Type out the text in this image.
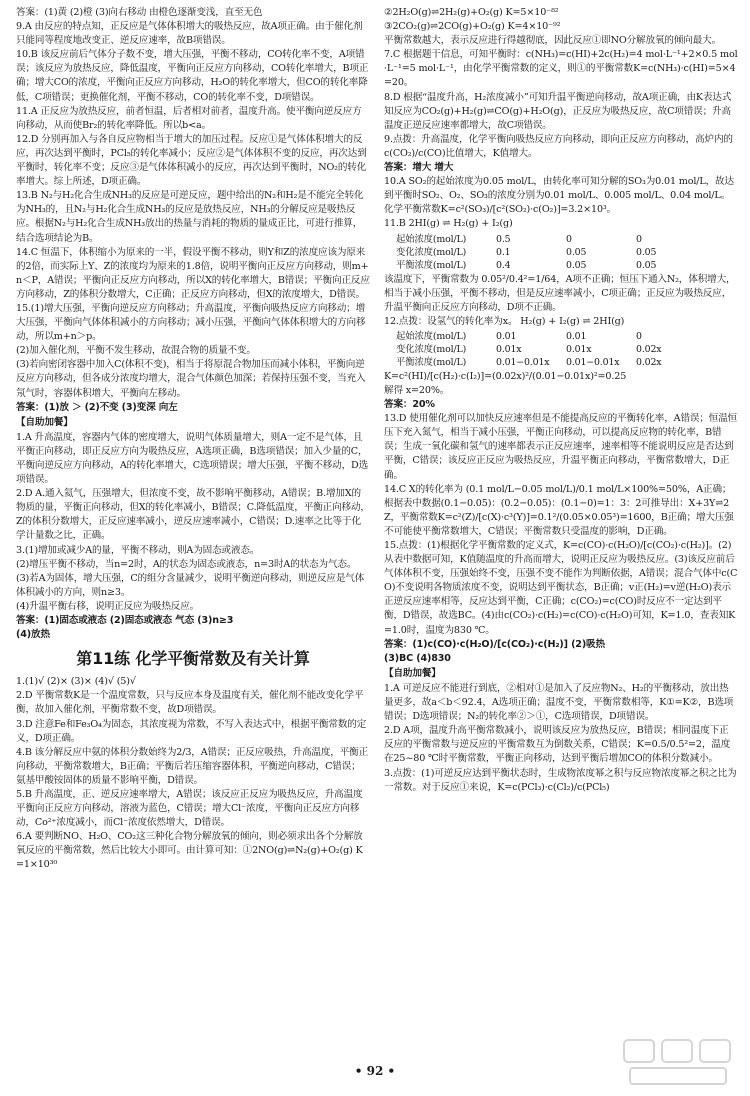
答案：(1)黄 (2)橙 (3)向右移动 由橙色逐渐变浅，直至无色

9.A 由反应的特点知，正反应是气体体积增大的吸热反应，故A项正确。由于催化剂只能同等程度地改变正、逆反应速率，故B项错误。

10.B 该反应前后气体分子数不变，增大压强，平衡不移动，CO转化率不变，A项错误；该反应为放热反应，降低温度，平衡向正反应方向移动，CO转化率增大，B项正确；增大CO的浓度，平衡向正反应方向移动，H₂O的转化率增大，但CO的转化率降低，C项错误；更换催化剂，平衡不移动，CO的转化率不变，D项错误。

11.A 正反应为放热反应，前者恒温，后者相对前者，温度升高。使平衡向逆反应方向移动，从而使Br₂的转化率降低。所以b<a。

12.D 分别再加入与各自反应物相当于增大的加压过程。反应①是气体体积增大的反应，再次达到平衡时，PCl₅的转化率减小；反应②是气体体积不变的反应，再次达到平衡时，转化率不变；反应③是气体体积减小的反应，再次达到平衡时，NO₂的转化率增大。综上所述，D项正确。

13.B N₂与H₂化合生成NH₃的反应是可逆反应，题中给出的N₂和H₂是不能完全转化为NH₃的，且N₂与H₂化合生成NH₃的反应是放热反应，NH₃的分解反应是吸热反应。根据N₂与H₂化合生成NH₃放出的热量与消耗的物质的量成正比，可进行推算，结合选项结论为B。

14.C 恒温下，体积缩小为原来的一半，假设平衡不移动，则Y和Z的浓度应该为原来的2倍，而实际上Y、Z的浓度均为原来的1.8倍，说明平衡向正反应方向移动，则m+n＜P，A错误；平衡向正反应方向移动，所以X的转化率增大，B错误；平衡向正反应方向移动，Z的体积分数增大，C正确；正反应方向移动，但X的浓度增大，D错误。

15.(1)增大压强，平衡向逆反应方向移动；升高温度，平衡向吸热反应方向移动；增大压强，平衡向气体体积减小的方向移动；减小压强，平衡向气体体积增大的方向移动，所以m+n＞p。

(2)加入催化剂，平衡不发生移动，故混合物的质量不变。

(3)若向密闭容器中加入C(体积不变)，相当于将原混合物加压而减小体积，平衡向逆反应方向移动，但各成分浓度均增大，混合气体颜色加深；若保持压强不变，当充入氖气时，容器体积增大，平衡向左移动。

答案：(1)放 ＞ (2)不变 (3)变深 向左

【自助加餐】

1.A 升高温度，容器内气体的密度增大，说明气体质量增大，则A一定不是气体，且平衡正向移动，即正反应方向为吸热反应，A选项正确，B选项错误；加入少量的C，平衡向逆反应方向移动，A的转化率增大，C选项错误；增大压强，平衡不移动，D选项错误。

2.D A.通入氦气，压强增大，但浓度不变，故不影响平衡移动，A错误；B.增加X的物质的量，平衡正向移动，但X的转化率减小，B错误；C.降低温度，平衡正向移动，Z的体积分数增大，正反应速率减小，逆反应速率减小，C错误；D.速率之比等于化学计量数之比，正确。

3.(1)增加或减少A的量，平衡不移动，则A为固态或液态。

(2)增压平衡不移动，当n=2时，A的状态为固态或液态，n=3时A的状态为气态。

(3)若A为固体，增大压强，C的组分含量减少，说明平衡逆向移动，则逆反应是气体体积减小的方向，则n≥3。

(4)升温平衡右移，说明正反应为吸热反应。

答案：(1)固态或液态 (2)固态或液态 气态 (3)n≥3

(4)放热

第11练 化学平衡常数及有关计算

1.(1)√ (2)× (3)× (4)√ (5)√

2.D 平衡常数K是一个温度常数，只与反应本身及温度有关，催化剂不能改变化学平衡，故加入催化剂，平衡常数不变，故D项错误。

3.D 注意Fe和Fe₃O₄为固态，其浓度视为常数，不写入表达式中，根据平衡常数的定义，D项正确。

4.B 该分解反应中氨的体积分数始终为2/3，A错误；正反应吸热，升高温度，平衡正向移动，平衡常数增大，B正确；平衡后若压缩容器体积，平衡逆向移动，C错误；氨基甲酸铵固体的质量不影响平衡，D错误。

5.B 升高温度，正、逆反应速率增大，A错误；该反应正反应为吸热反应，升高温度平衡向正反应方向移动，溶液为蓝色，C错误；增大Cl⁻浓度，平衡向正反应方向移动，Co²⁺浓度减小，而Cl⁻浓度依然增大，D错误。

6.A 要判断NO、H₂O、CO₂这三种化合物分解放氧的倾向，则必须求出各个分解放氧反应的平衡常数，然后比较大小即可。由计算可知：①2NO(g)⇌N₂(g)+O₂(g) K=1×10³⁰

②2H₂O(g)⇌2H₂(g)+O₂(g) K=5×10⁻⁸²

③2CO₂(g)⇌2CO(g)+O₂(g) K=4×10⁻⁹²

平衡常数越大，表示反应进行得越彻底，因此反应①即NO分解放氧的倾向最大。

7.C 根据题干信息，可知平衡时：c(NH₃)=c(HI)+2c(H₂)=4 mol·L⁻¹+2×0.5 mol·L⁻¹=5 mol·L⁻¹，由化学平衡常数的定义，则①的平衡常数K=c(NH₃)·c(HI)=5×4=20。

8.D 根据“温度升高，H₂浓度减小”可知升温平衡逆向移动，故A项正确，由K表达式知反应为CO₂(g)+H₂(g)⇌CO(g)+H₂O(g)，正反应为吸热反应，故C项错误；升高温度正逆反应速率都增大，故C项错误。

9.点拨：升高温度，化学平衡向吸热反应方向移动，即向正反应方向移动，高炉内的c(CO₂)/c(CO)比值增大，K值增大。

答案：增大 增大

10.A SO₂的起始浓度为0.05 mol/L，由转化率可知分解的SO₃为0.01 mol/L，故达到平衡时SO₂、O₂、SO₃的浓度分别为0.01 mol/L、0.005 mol/L、0.04 mol/L。化学平衡常数K=c²(SO₃)/[c²(SO₂)·c(O₂)]=3.2×10³。

11.B 2HI(g) ⇌ H₂(g) + I₂(g)

起始浓度(mol/L)	0.5	0	0
变化浓度(mol/L)	0.1	0.05	0.05
平衡浓度(mol/L)	0.4	0.05	0.05

该温度下，平衡常数为 0.05²/0.4²=1/64，A项不正确；恒压下通入N₂，体积增大，相当于减小压强，平衡不移动，但是反应速率减小，C项正确；正反应为吸热反应，升温平衡向正反应方向移动，D项不正确。

12.点拨：设氢气的转化率为x。 H₂(g) + I₂(g) ⇌ 2HI(g)

起始浓度(mol/L)	0.01	0.01	0
变化浓度(mol/L)	0.01x	0.01x	0.02x
平衡浓度(mol/L)	0.01−0.01x	0.01−0.01x	0.02x

K=c²(HI)/[c(H₂)·c(I₂)]=(0.02x)²/(0.01−0.01x)²=0.25

解得 x=20%。

答案：20%

13.D 使用催化剂可以加快反应速率但是不能提高反应的平衡转化率，A错误；恒温恒压下充入氮气，相当于减小压强，平衡正向移动，可以提高反应物的转化率，B错误；生成一氧化碳和氢气的速率都表示正反应速率，速率相等不能说明反应是否达到平衡，C错误；该反应正反应为吸热反应，升温平衡正向移动，平衡常数增大，D正确。

14.C X的转化率为 (0.1 mol/L−0.05 mol/L)/0.1 mol/L×100%=50%，A正确；根据表中数据(0.1−0.05)：(0.2−0.05)：(0.1−0)=1：3：2可推导出：X+3Y⇌2Z，平衡常数K=c²(Z)/[c(X)·c³(Y)]=0.1²/(0.05×0.05³)=1600，B正确；增大压强不可能使平衡常数增大，C错误；平衡常数只受温度的影响，D正确。

15.点拨：(1)根据化学平衡常数的定义式，K=c(CO)·c(H₂O)/[c(CO₂)·c(H₂)]。(2)从表中数据可知，K值随温度的升高而增大，说明正反应为吸热反应。(3)该反应前后气体体积不变，压强始终不变，压强不变不能作为判断依据，A错误；混合气体中c(CO)不变说明各物质浓度不变，说明达到平衡状态，B正确；v正(H₂)=v逆(H₂O)表示正逆反应速率相等，反应达到平衡，C正确；c(CO₂)=c(CO)时反应不一定达到平衡，D错误，故选BC。(4)由c(CO₂)·c(H₂)=c(CO)·c(H₂O)可知，K=1.0，查表知K=1.0时，温度为830 ℃。

答案：(1)c(CO)·c(H₂O)/[c(CO₂)·c(H₂)] (2)吸热

(3)BC (4)830

【自助加餐】

1.A 可逆反应不能进行到底，②相对①是加入了反应物N₂、H₂的平衡移动，放出热量更多，故a＜b＜92.4，A选项正确；温度不变，平衡常数相等，K①=K②，B选项错误；D选项错误；N₂的转化率②＞①，C选项错误，D项错误。

2.D A项，温度升高平衡常数减小，说明该反应为放热反应，B错误；相同温度下正反应的平衡常数与逆反应的平衡常数互为倒数关系，C错误；K=0.5/0.5²=2，温度在25~80 ℃时平衡常数，平衡正向移动，达到平衡后增加CO的体积分数减小。

3.点拨：(1)可逆反应达到平衡状态时，生成物浓度幂之积与反应物浓度幂之积之比为一常数。对于反应①来说，K=c(PCl₃)·c(Cl₂)/c(PCl₅)

• 92 •
